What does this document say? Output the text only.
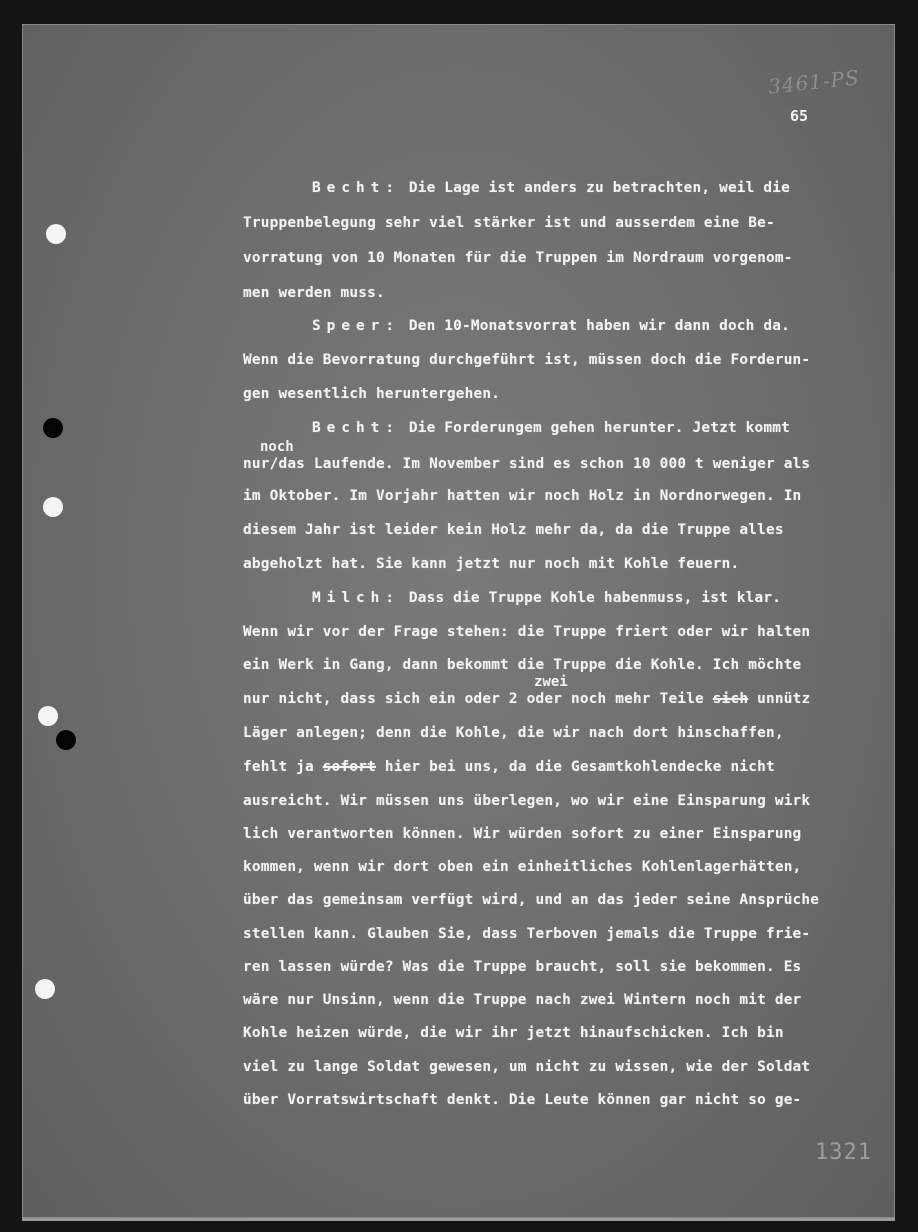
3461-PS
65
Becht: Die Lage ist anders zu betrachten, weil die
Truppenbelegung sehr viel stärker ist und ausserdem eine Be-
vorratung von 10 Monaten für die Truppen im Nordraum vorgenom-
men werden muss.
Speer: Den 10-Monatsvorrat haben wir dann doch da.
Wenn die Bevorratung durchgeführt ist, müssen doch die Forderun-
gen wesentlich heruntergehen.
Becht: Die Forderungem gehen herunter. Jetzt kommt
noch
nur/das Laufende. Im November sind es schon 10 000 t weniger als
im Oktober. Im Vorjahr hatten wir noch Holz in Nordnorwegen. In
diesem Jahr ist leider kein Holz mehr da, da die Truppe alles
abgeholzt hat. Sie kann jetzt nur noch mit Kohle feuern.
Milch: Dass die Truppe Kohle habenmuss, ist klar.
Wenn wir vor der Frage stehen: die Truppe friert oder wir halten
ein Werk in Gang, dann bekommt die Truppe die Kohle. Ich möchte
zwei
nur nicht, dass sich ein oder 2 oder noch mehr Teile sich unnütz
Läger anlegen; denn die Kohle, die wir nach dort hinschaffen,
fehlt ja sofort hier bei uns, da die Gesamtkohlendecke nicht
ausreicht. Wir müssen uns überlegen, wo wir eine Einsparung wirk
lich verantworten können. Wir würden sofort zu einer Einsparung
kommen, wenn wir dort oben ein einheitliches Kohlenlagerhätten,
über das gemeinsam verfügt wird, und an das jeder seine Ansprüche
stellen kann. Glauben Sie, dass Terboven jemals die Truppe frie-
ren lassen würde? Was die Truppe braucht, soll sie bekommen. Es
wäre nur Unsinn, wenn die Truppe nach zwei Wintern noch mit der
Kohle heizen würde, die wir ihr jetzt hinaufschicken. Ich bin
viel zu lange Soldat gewesen, um nicht zu wissen, wie der Soldat
über Vorratswirtschaft denkt. Die Leute können gar nicht so ge-
1321
